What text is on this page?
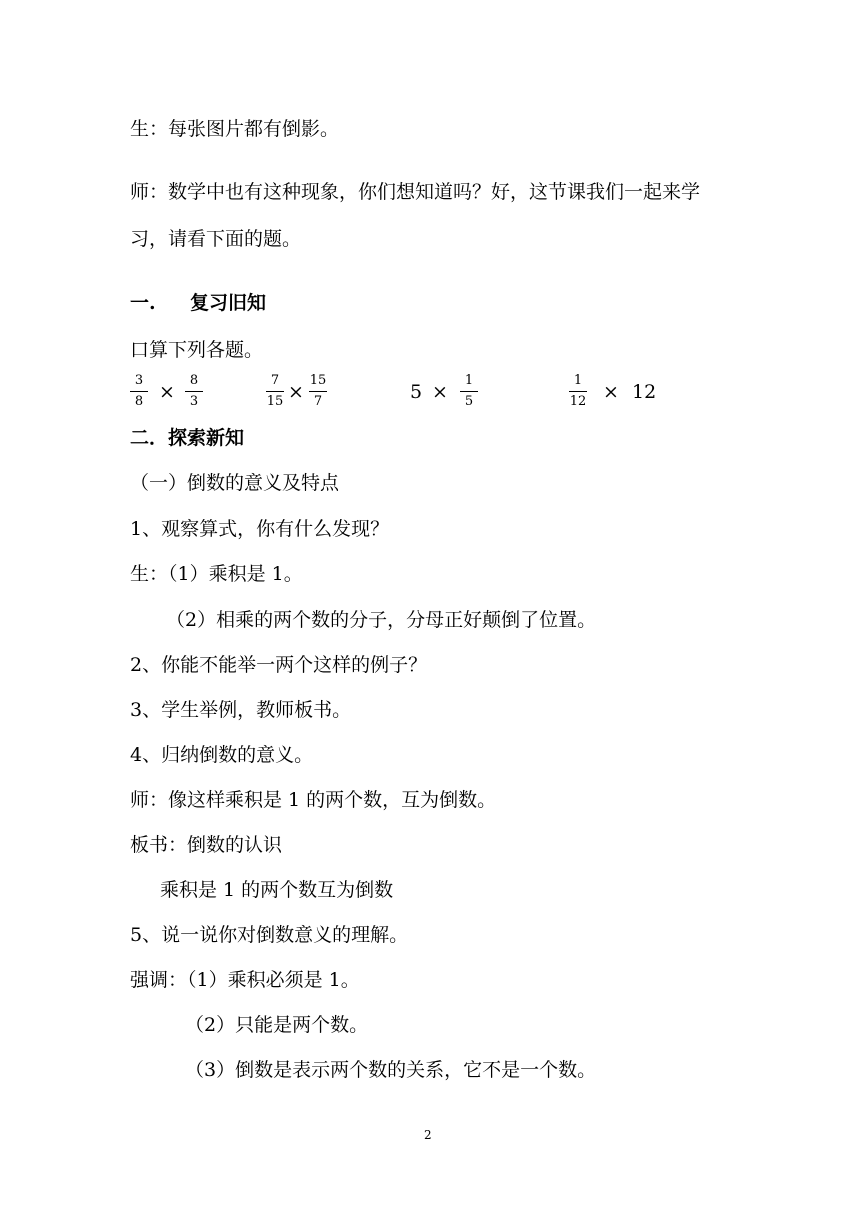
生：每张图片都有倒影。
师：数学中也有这种现象，你们想知道吗？好，这节课我们一起来学
习，请看下面的题。
一. 复习旧知
口算下列各题。
3
8 ×
8
3
7
15 ×
15
7	5 ×
1
5
1
12 × 12
二．探索新知
（一）倒数的意义及特点
1、观察算式，你有什么发现？
生：（1）乘积是 1。
（2）相乘的两个数的分子，分母正好颠倒了位置。
2、你能不能举一两个这样的例子？
3、学生举例，教师板书。
4、归纳倒数的意义。
师：像这样乘积是 1 的两个数，互为倒数。
板书：倒数的认识
乘积是 1 的两个数互为倒数
5、说一说你对倒数意义的理解。
强调：（1）乘积必须是 1。
（2）只能是两个数。
（3）倒数是表示两个数的关系，它不是一个数。
2
